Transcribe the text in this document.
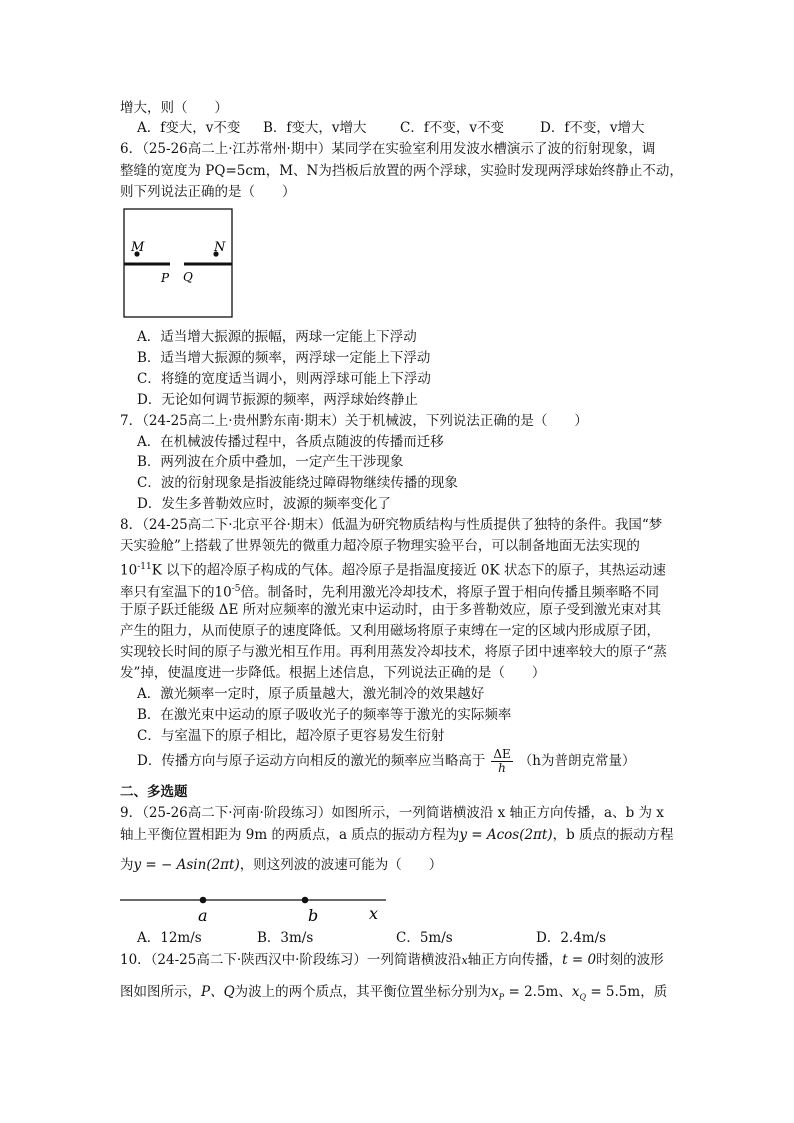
增大，则（　　）
A．f变大，v不变 B．f变大，v增大 C．f不变，v不变	D．f不变，v增大
6．（25-26高二上·江苏常州·期中）某同学在实验室利用发波水槽演示了波的衍射现象，调
整缝的宽度为 PQ=5cm，M、N为挡板后放置的两个浮球，实验时发现两浮球始终静止不动，
则下列说法正确的是（　　）
M	N
P Q
A．适当增大振源的振幅，两球一定能上下浮动
B．适当增大振源的频率，两浮球一定能上下浮动
C．将缝的宽度适当调小，则两浮球可能上下浮动
D．无论如何调节振源的频率，两浮球始终静止
7．（24-25高二上·贵州黔东南·期末）关于机械波，下列说法正确的是（　　）
A．在机械波传播过程中，各质点随波的传播而迁移
B．两列波在介质中叠加，一定产生干涉现象
C．波的衍射现象是指波能绕过障碍物继续传播的现象
D．发生多普勒效应时，波源的频率变化了
8．（24-25高二下·北京平谷·期末）低温为研究物质结构与性质提供了独特的条件。我国“梦
天实验舱”上搭载了世界领先的微重力超冷原子物理实验平台，可以制备地面无法实现的
$10^{-11}K$ 以下的超冷原子构成的气体。超冷原子是指温度接近 0K 状态下的原子，其热运动速
率只有室温下的$10^{-5}$倍。制备时，先利用激光冷却技术，将原子置于相向传播且频率略不同
于原子跃迁能级 ΔE 所对应频率的激光束中运动时，由于多普勒效应，原子受到激光束对其
产生的阻力，从而使原子的速度降低。又利用磁场将原子束缚在一定的区域内形成原子团，
实现较长时间的原子与激光相互作用。再利用蒸发冷却技术，将原子团中速率较大的原子“蒸
发”掉，使温度进一步降低。根据上述信息，下列说法正确的是（　　）
A．激光频率一定时，原子质量越大，激光制冷的效果越好
B．在激光束中运动的原子吸收光子的频率等于激光的实际频率
C．与室温下的原子相比，超冷原子更容易发生衍射
D．传播方向与原子运动方向相反的激光的频率应当略高于 $\frac{\Delta E}{h} (h$为普朗克常量）
二、多选题
9．（25-26高二下·河南·阶段练习）如图所示，一列简谐横波沿 x 轴正方向传播，a、b 为 x
轴上平衡位置相距为 9m 的两质点，a 质点的振动方程为y = Acos(2πt)，b 质点的振动方程
为y = − Asin(2πt)，则这列波的波速可能为（　　）
a	b	x
A．12m/s	B．3m/s	C．5m/s	D．2.4m/s
10．（24-25高二下·陕西汉中·阶段练习）一列简谐横波沿x轴正方向传播，t = 0时刻的波形
图如图所示，P、Q为波上的两个质点，其平衡位置坐标分别为$x_P = 2.5m$、$x_Q = 5.5m$，质
